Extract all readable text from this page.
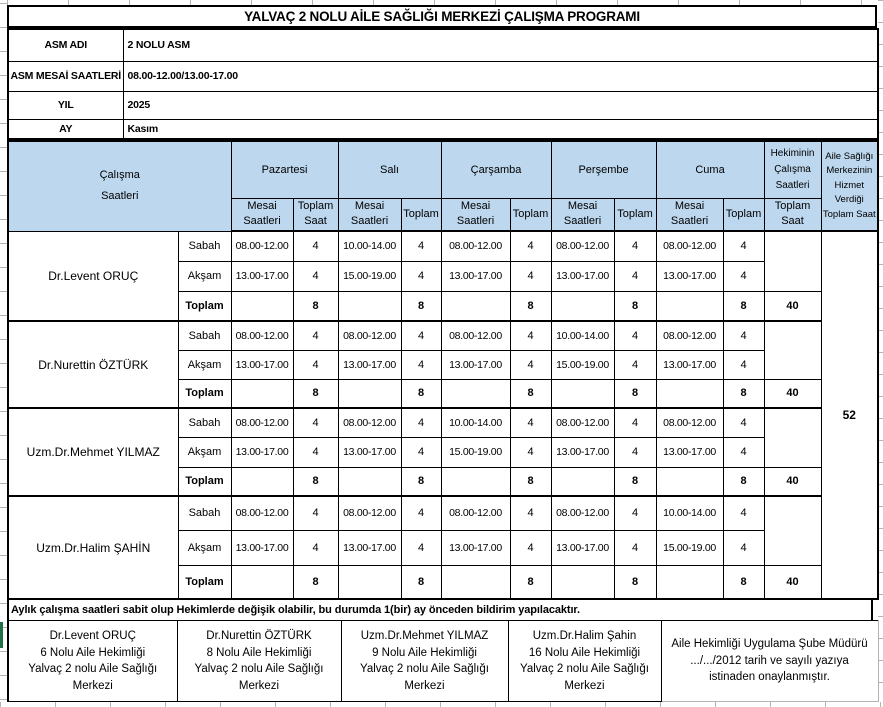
YALVAÇ 2 NOLU AİLE SAĞLIĞI MERKEZİ ÇALIŞMA PROGRAMI
ASM ADI	2 NOLU ASM
ASM MESAİ SAATLERİ	08.00-12.00/13.00-17.00
YIL	2025
AY	Kasım
Çalışma
Saatleri		Pazartesi		Salı		Çarşamba		Perşembe		Cuma		Hekiminin Çalışma Saatleri	Aile Sağlığı Merkezinin Hizmet Verdiği Toplam Saat
		Mesai Saatleri	Toplam Saat	Mesai Saatleri	Toplam	Mesai Saatleri	Toplam	Mesai Saatleri	Toplam	Mesai Saatleri	Toplam	Toplam Saat	
Dr.Levent ORUÇ	Sabah	08.00-12.00	4	10.00-14.00	4	08.00-12.00	4	08.00-12.00	4	08.00-12.00	4		52
	Akşam	13.00-17.00	4	15.00-19.00	4	13.00-17.00	4	13.00-17.00	4	13.00-17.00	4		
	Toplam		8		8		8		8		8	40	
Dr.Nurettin ÖZTÜRK	Sabah	08.00-12.00	4	08.00-12.00	4	08.00-12.00	4	10.00-14.00	4	08.00-12.00	4		
	Akşam	13.00-17.00	4	13.00-17.00	4	13.00-17.00	4	15.00-19.00	4	13.00-17.00	4		
	Toplam		8		8		8		8		8	40	
Uzm.Dr.Mehmet YILMAZ	Sabah	08.00-12.00	4	08.00-12.00	4	10.00-14.00	4	08.00-12.00	4	08.00-12.00	4		
	Akşam	13.00-17.00	4	13.00-17.00	4	15.00-19.00	4	13.00-17.00	4	13.00-17.00	4		
	Toplam		8		8		8		8		8	40	
Uzm.Dr.Halim ŞAHİN	Sabah	08.00-12.00	4	08.00-12.00	4	08.00-12.00	4	08.00-12.00	4	10.00-14.00	4		
	Akşam	13.00-17.00	4	13.00-17.00	4	13.00-17.00	4	13.00-17.00	4	15.00-19.00	4		
	Toplam		8		8		8		8		8	40	
Aylık çalışma saatleri sabit olup Hekimlerde değişik olabilir, bu durumda 1(bir) ay önceden bildirim yapılacaktır.
Dr.Levent ORUÇ
6 Nolu Aile Hekimliği
Yalvaç 2 nolu Aile Sağlığı
Merkezi

Dr.Nurettin ÖZTÜRK
8 Nolu Aile Hekimliği
Yalvaç 2 nolu Aile Sağlığı
Merkezi

Uzm.Dr.Mehmet YILMAZ
9 Nolu Aile Hekimliği
Yalvaç 2 nolu Aile Sağlığı
Merkezi

Uzm.Dr.Halim Şahin
16 Nolu Aile Hekimliği
Yalvaç 2 nolu Aile Sağlığı
Merkezi

Aile Hekimliği Uygulama Şube Müdürü
.../.../2012 tarih ve sayılı yazıya
istinaden onaylanmıştır.
